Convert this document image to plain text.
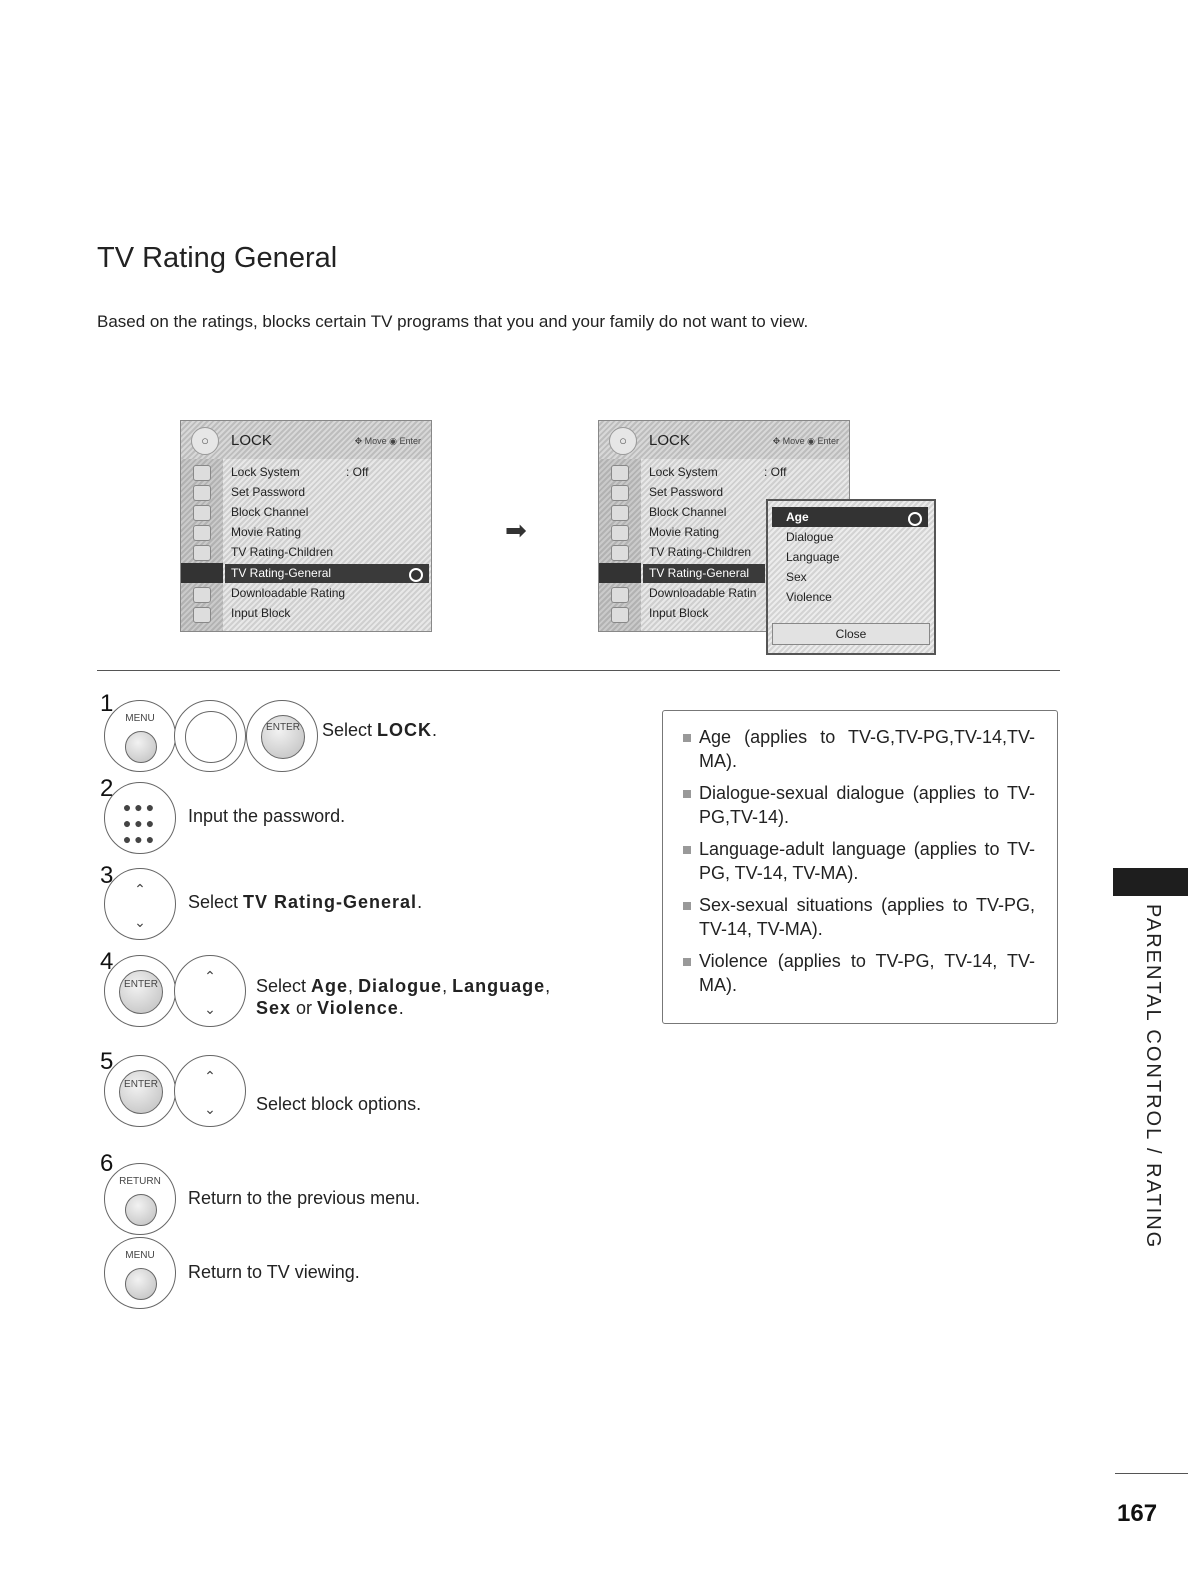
TV Rating General
Based on the ratings, blocks certain TV programs that you and your family do not want to view.
○	LOCK	✥ Move ◉ Enter
Lock System	: Off
Set Password
Block Channel
Movie Rating
TV Rating-Children
TV Rating-General
Downloadable Rating
Input Block
➡
○	LOCK	✥ Move ◉ Enter
Lock System	: Off
Set Password
Block Channel
Movie Rating
TV Rating-Children
TV Rating-General
Downloadable Ratin
Input Block
Age
Dialogue
Language
Sex
Violence
Close
1
MENU
ENTER Select LOCK.
2
●●●
●●●
●●●
Input the password.
3	⌃

⌄
Select TV Rating-General.
4
ENTER
⌃

⌄
Select Age, Dialogue, Language,
Sex or Violence.
5
ENTER
⌃

⌄	Select block options.
6
RETURN
Return to the previous menu.
MENU
Return to TV viewing.
Age (applies to TV-G,TV-PG,TV-14,TV-MA).
Dialogue-sexual dialogue (applies to TV-PG,TV-14).
Language-adult language (applies to TV-PG, TV-14, TV-MA).
Sex-sexual situations (applies to TV-PG, TV-14, TV-MA).
Violence (applies to TV-PG, TV-14, TV-MA).	PARENTAL CONTROL / RATING
167
